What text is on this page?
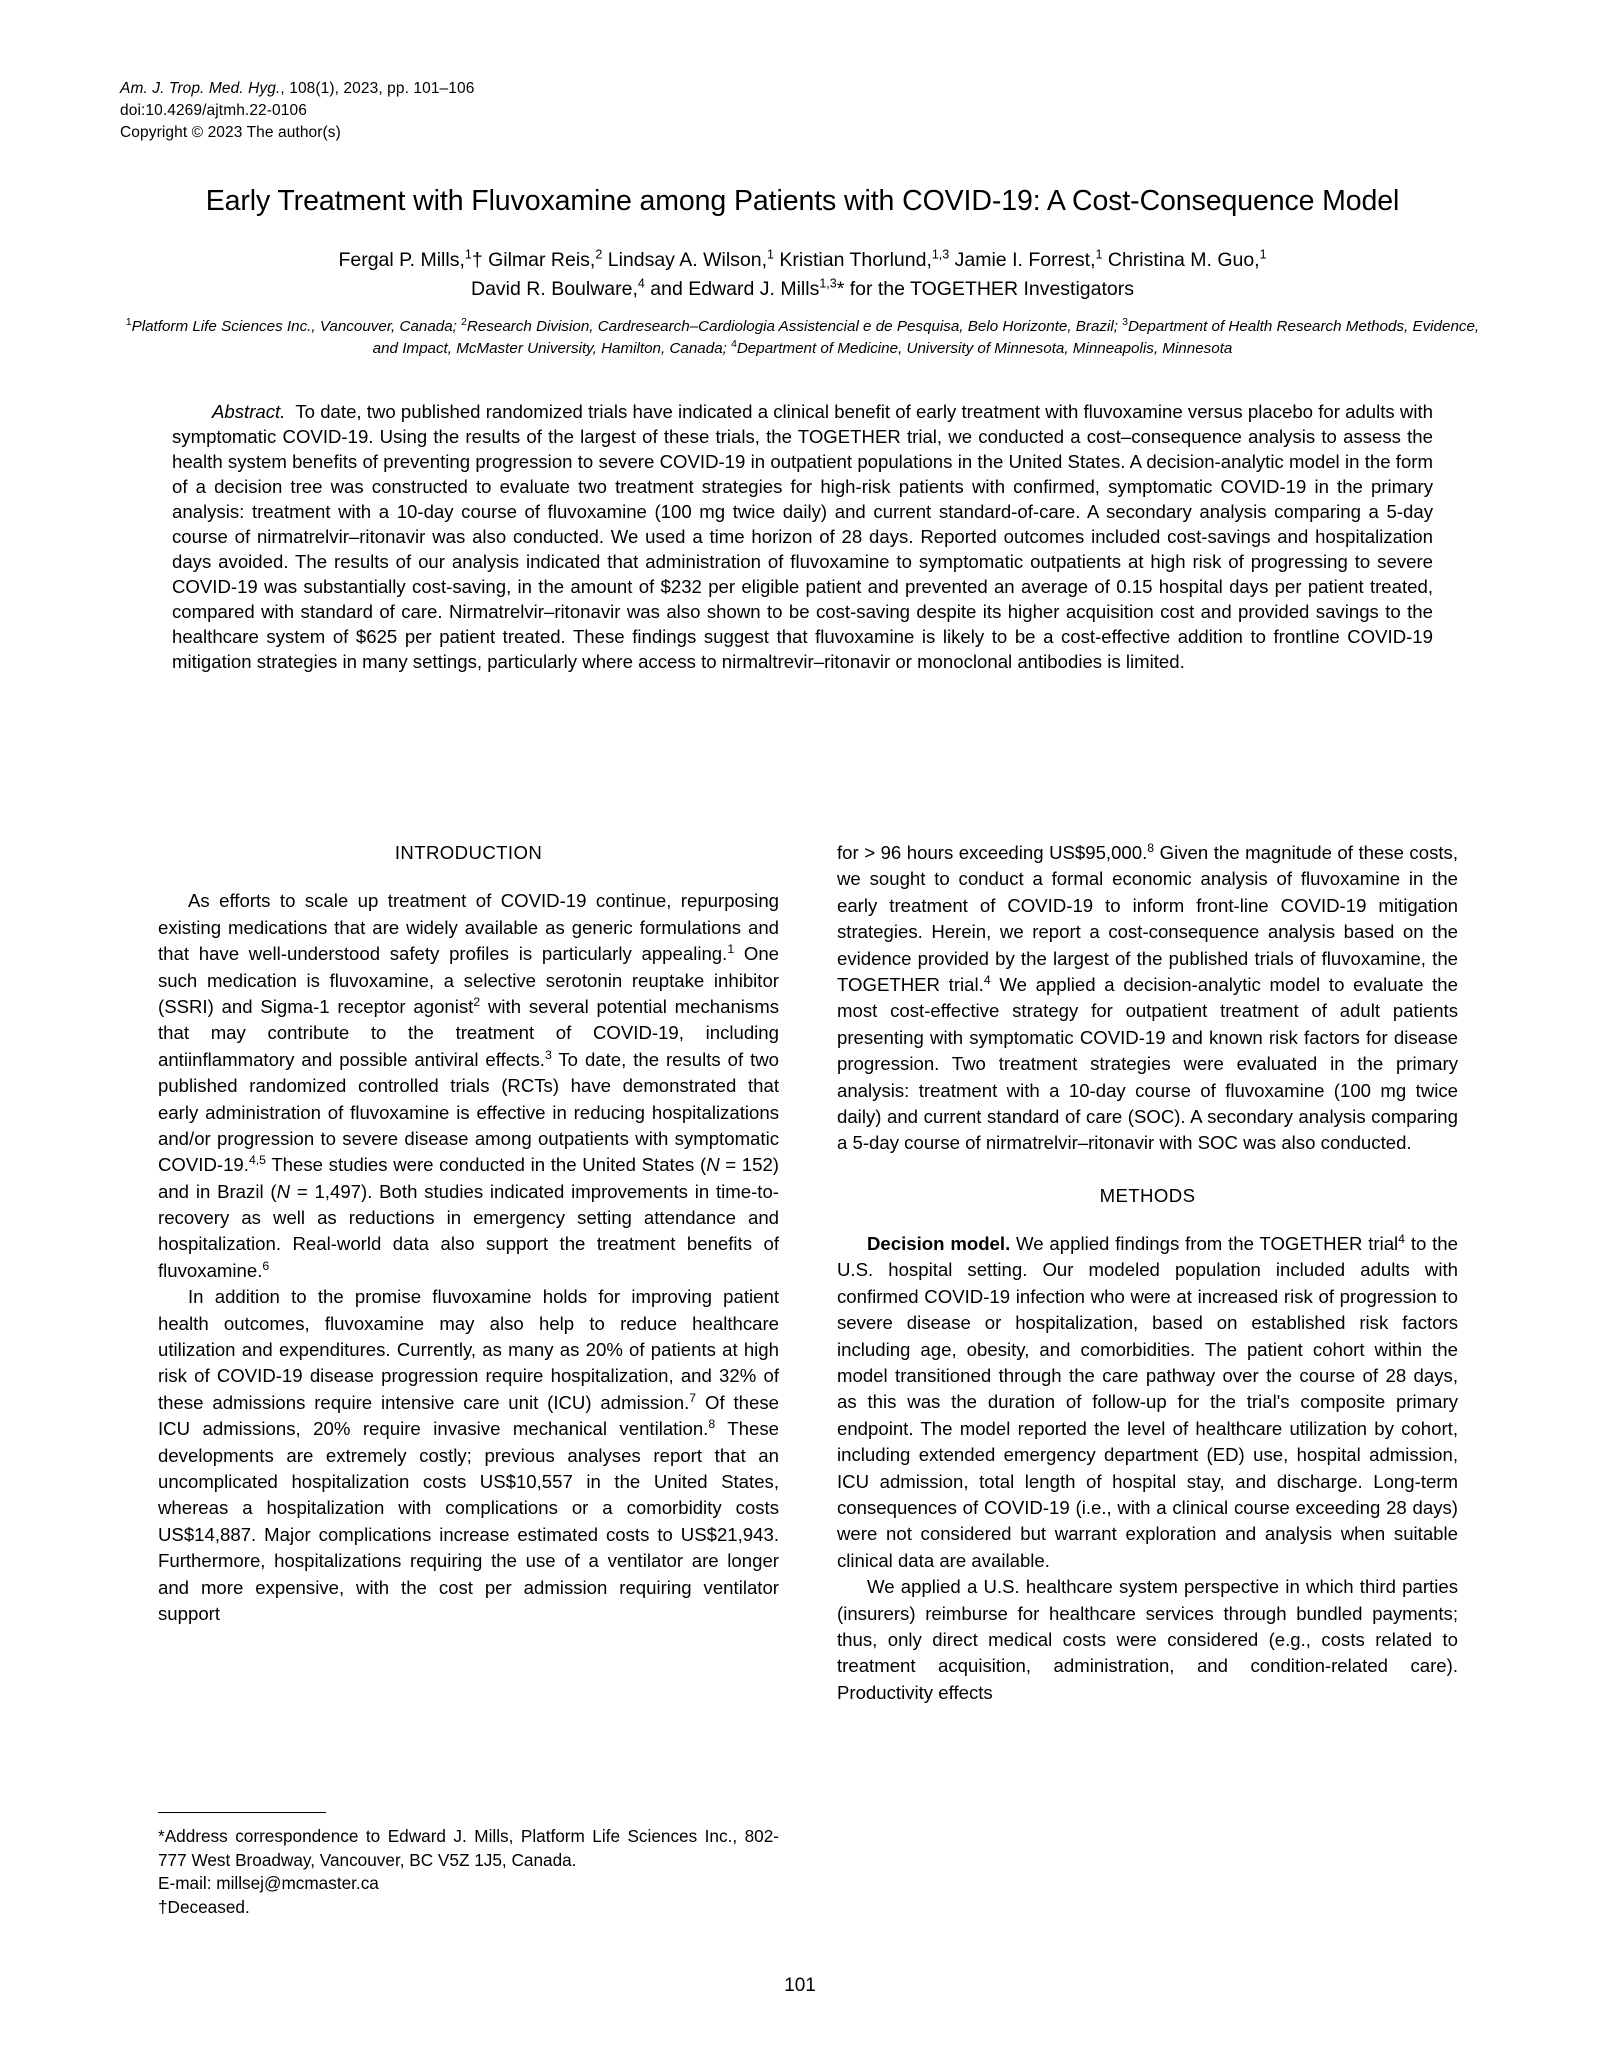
Am. J. Trop. Med. Hyg., 108(1), 2023, pp. 101–106
doi:10.4269/ajtmh.22-0106
Copyright © 2023 The author(s)
Early Treatment with Fluvoxamine among Patients with COVID-19: A Cost-Consequence Model
Fergal P. Mills,$^1$† Gilmar Reis,$^2$ Lindsay A. Wilson,$^1$ Kristian Thorlund,$^{1,3}$ Jamie I. Forrest,$^1$ Christina M. Guo,$^1$
David R. Boulware,$^4$ and Edward J. Mills$^{1,3}$* for the TOGETHER Investigators
$^1$Platform Life Sciences Inc., Vancouver, Canada; $^2$Research Division, Cardresearch–Cardiologia Assistencial e de Pesquisa, Belo Horizonte, Brazil; $^3$Department of Health Research Methods, Evidence, and Impact, McMaster University, Hamilton, Canada; $^4$Department of Medicine, University of Minnesota, Minneapolis, Minnesota
Abstract. To date, two published randomized trials have indicated a clinical benefit of early treatment with fluvoxamine versus placebo for adults with symptomatic COVID-19. Using the results of the largest of these trials, the TOGETHER trial, we conducted a cost–consequence analysis to assess the health system benefits of preventing progression to severe COVID-19 in outpatient populations in the United States. A decision-analytic model in the form of a decision tree was constructed to evaluate two treatment strategies for high-risk patients with confirmed, symptomatic COVID-19 in the primary analysis: treatment with a 10-day course of fluvoxamine (100 mg twice daily) and current standard-of-care. A secondary analysis comparing a 5-day course of nirmatrelvir–ritonavir was also conducted. We used a time horizon of 28 days. Reported outcomes included cost-savings and hospitalization days avoided. The results of our analysis indicated that administration of fluvoxamine to symptomatic outpatients at high risk of progressing to severe COVID-19 was substantially cost-saving, in the amount of $232 per eligible patient and prevented an average of 0.15 hospital days per patient treated, compared with standard of care. Nirmatrelvir–ritonavir was also shown to be cost-saving despite its higher acquisition cost and provided savings to the healthcare system of $625 per patient treated. These findings suggest that fluvoxamine is likely to be a cost-effective addition to frontline COVID-19 mitigation strategies in many settings, particularly where access to nirmaltrevir–ritonavir or monoclonal antibodies is limited.
INTRODUCTION

As efforts to scale up treatment of COVID-19 continue, repurposing existing medications that are widely available as generic formulations and that have well-understood safety profiles is particularly appealing.$^1$ One such medication is fluvoxamine, a selective serotonin reuptake inhibitor (SSRI) and Sigma-1 receptor agonist$^2$ with several potential mechanisms that may contribute to the treatment of COVID-19, including antiinflammatory and possible antiviral effects.$^3$ To date, the results of two published randomized controlled trials (RCTs) have demonstrated that early administration of fluvoxamine is effective in reducing hospitalizations and/or progression to severe disease among outpatients with symptomatic COVID-19.$^{4,5}$ These studies were conducted in the United States (N = 152) and in Brazil (N = 1,497). Both studies indicated improvements in time-to-recovery as well as reductions in emergency setting attendance and hospitalization. Real-world data also support the treatment benefits of fluvoxamine.$^6$

In addition to the promise fluvoxamine holds for improving patient health outcomes, fluvoxamine may also help to reduce healthcare utilization and expenditures. Currently, as many as 20% of patients at high risk of COVID-19 disease progression require hospitalization, and 32% of these admissions require intensive care unit (ICU) admission.$^7$ Of these ICU admissions, 20% require invasive mechanical ventilation.$^8$ These developments are extremely costly; previous analyses report that an uncomplicated hospitalization costs US$10,557 in the United States, whereas a hospitalization with complications or a comorbidity costs US$14,887. Major complications increase estimated costs to US$21,943. Furthermore, hospitalizations requiring the use of a ventilator are longer and more expensive, with the cost per admission requiring ventilator support

for > 96 hours exceeding US$95,000.$^8$ Given the magnitude of these costs, we sought to conduct a formal economic analysis of fluvoxamine in the early treatment of COVID-19 to inform front-line COVID-19 mitigation strategies. Herein, we report a cost-consequence analysis based on the evidence provided by the largest of the published trials of fluvoxamine, the TOGETHER trial.$^4$ We applied a decision-analytic model to evaluate the most cost-effective strategy for outpatient treatment of adult patients presenting with symptomatic COVID-19 and known risk factors for disease progression. Two treatment strategies were evaluated in the primary analysis: treatment with a 10-day course of fluvoxamine (100 mg twice daily) and current standard of care (SOC). A secondary analysis comparing a 5-day course of nirmatrelvir–ritonavir with SOC was also conducted.

METHODS

Decision model. We applied findings from the TOGETHER trial$^4$ to the U.S. hospital setting. Our modeled population included adults with confirmed COVID-19 infection who were at increased risk of progression to severe disease or hospitalization, based on established risk factors including age, obesity, and comorbidities. The patient cohort within the model transitioned through the care pathway over the course of 28 days, as this was the duration of follow-up for the trial's composite primary endpoint. The model reported the level of healthcare utilization by cohort, including extended emergency department (ED) use, hospital admission, ICU admission, total length of hospital stay, and discharge. Long-term consequences of COVID-19 (i.e., with a clinical course exceeding 28 days) were not considered but warrant exploration and analysis when suitable clinical data are available.

We applied a U.S. healthcare system perspective in which third parties (insurers) reimburse for healthcare services through bundled payments; thus, only direct medical costs were considered (e.g., costs related to treatment acquisition, administration, and condition-related care). Productivity effects

*Address correspondence to Edward J. Mills, Platform Life Sciences Inc., 802-777 West Broadway, Vancouver, BC V5Z 1J5, Canada.
E-mail: millsej@mcmaster.ca
†Deceased.
101
